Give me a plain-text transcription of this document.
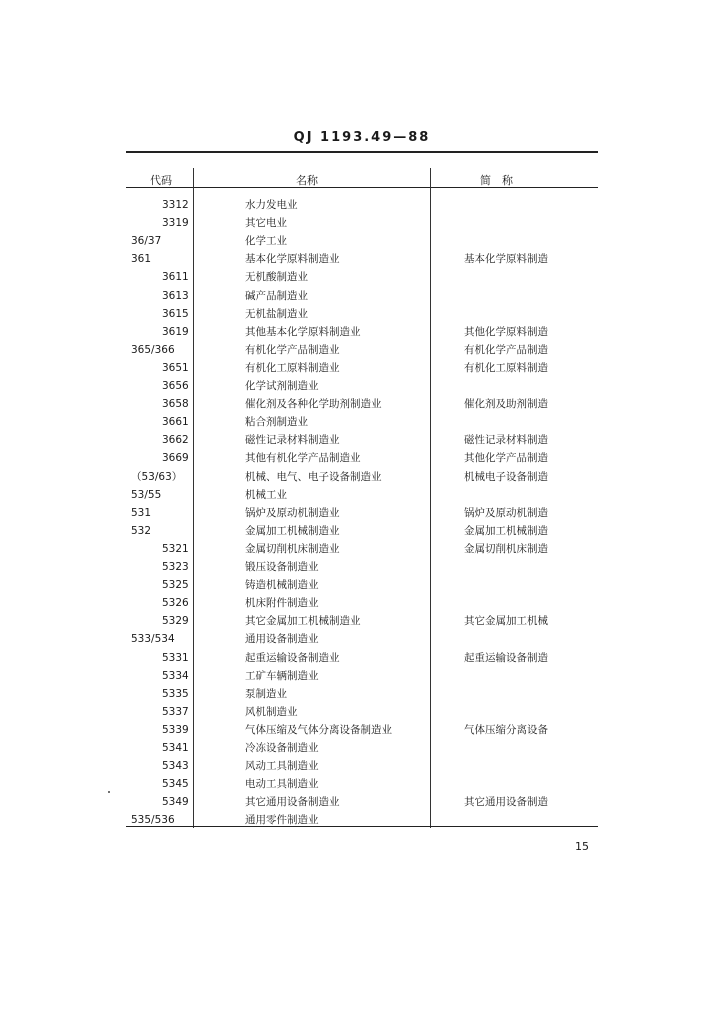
QJ 1193.49—88
代码	名称	简　称
3312	水力发电业
3319	其它电业
36/37	化学工业
361	基本化学原料制造业	基本化学原料制造
3611	无机酸制造业
3613	碱产品制造业
3615	无机盐制造业
3619	其他基本化学原料制造业	其他化学原料制造
365/366	有机化学产品制造业	有机化学产品制造
3651	有机化工原料制造业	有机化工原料制造
3656	化学试剂制造业
3658	催化剂及各种化学助剂制造业	催化剂及助剂制造
3661	粘合剂制造业
3662	磁性记录材料制造业	磁性记录材料制造
3669	其他有机化学产品制造业	其他化学产品制造
（53/63）	机械、电气、电子设备制造业	机械电子设备制造
53/55	机械工业
531	锅炉及原动机制造业	锅炉及原动机制造
532	金属加工机械制造业	金属加工机械制造
5321	金属切削机床制造业	金属切削机床制造
5323	锻压设备制造业
5325	铸造机械制造业
5326	机床附件制造业
5329	其它金属加工机械制造业	其它金属加工机械
533/534	通用设备制造业
5331	起重运输设备制造业	起重运输设备制造
5334	工矿车辆制造业
5335	泵制造业
5337	风机制造业
5339	气体压缩及气体分离设备制造业	气体压缩分离设备
5341	冷冻设备制造业
5343	风动工具制造业
5345	电动工具制造业
5349	其它通用设备制造业	其它通用设备制造
535/536	通用零件制造业
15
